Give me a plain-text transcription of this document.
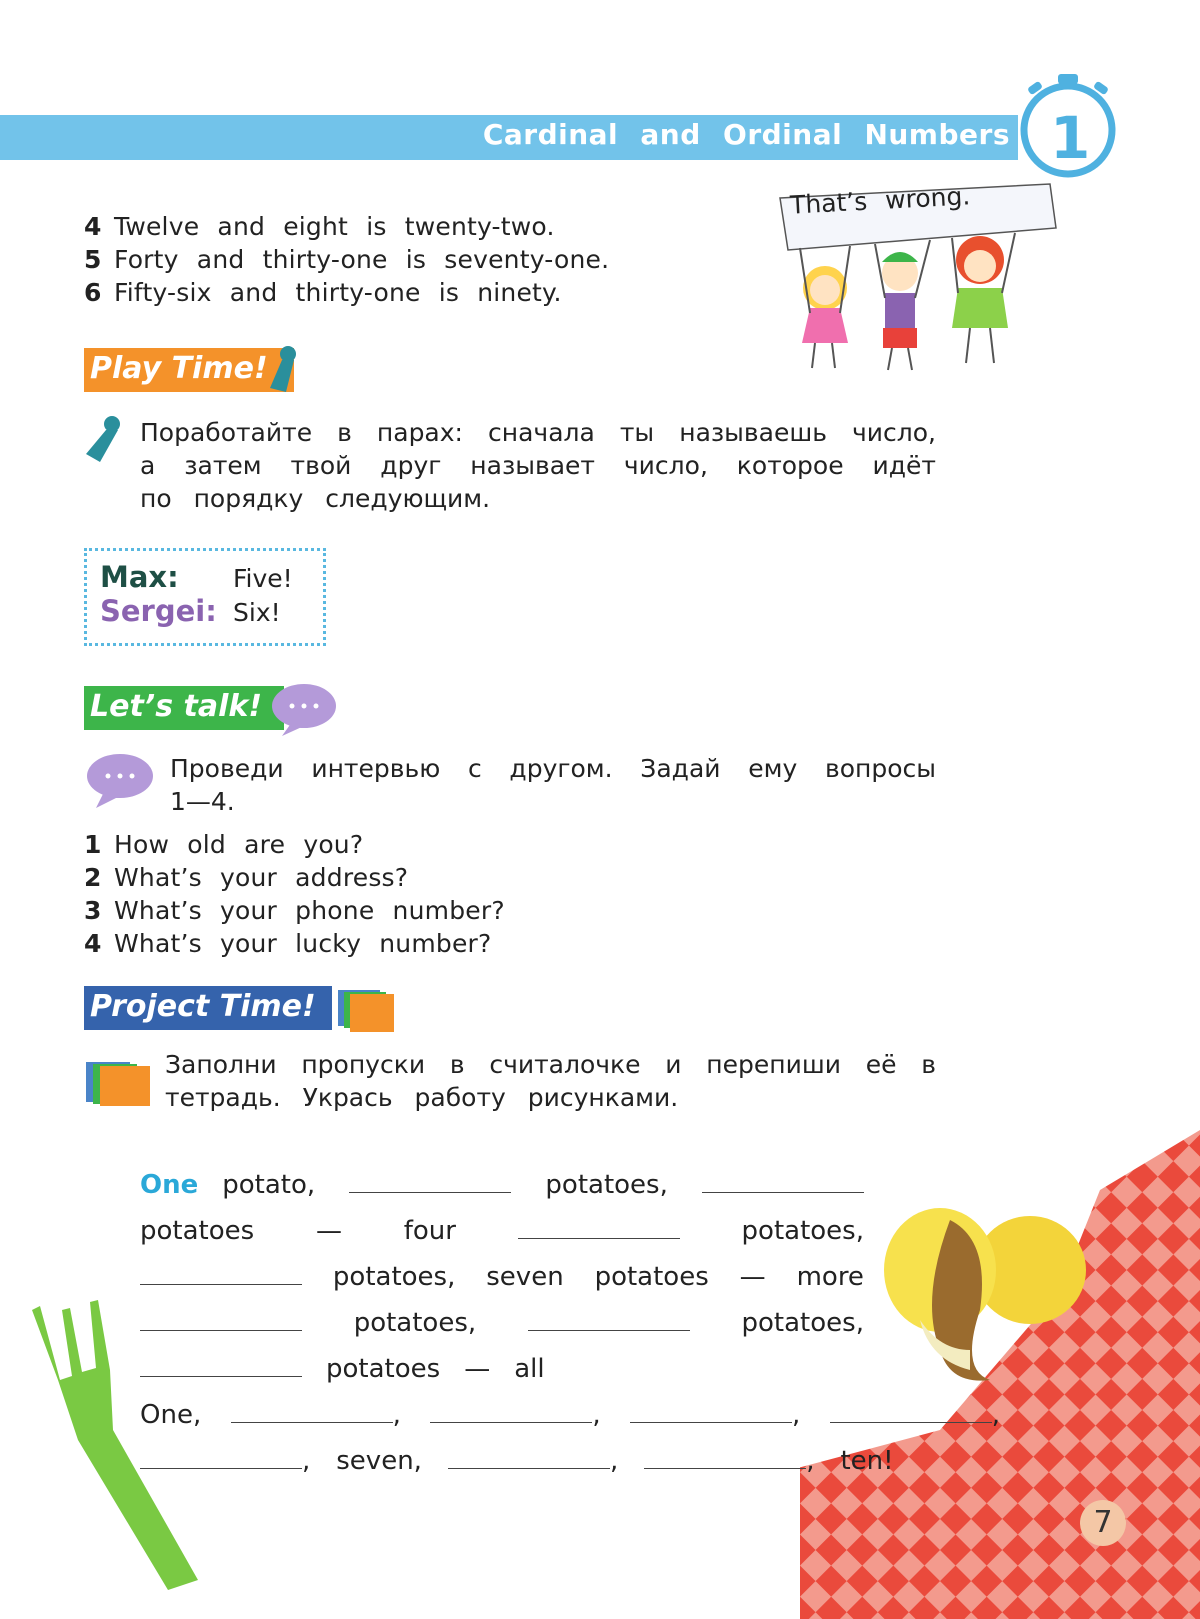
Cardinal and Ordinal Numbers 1
That’s wrong.
4 Twelve and eight is twenty-two.
5 Forty and thirty-one is seventy-one.
6 Fifty-six and thirty-one is ninety.
Play Time!
Поработайте в парах: сначала ты называешь число,
а затем твой друг называет число, которое идёт
по порядку следующим.
Max: Five!
Sergei: Six!
Let’s talk!
Проведи интервью с другом. Задай ему вопросы
1—4.
1 How old are you?
2 What’s your address?
3 What’s your phone number?
4 What’s your lucky number?
Project Time!
Заполни пропуски в считалочке и перепиши её в
тетрадь. Укрась работу рисунками.
One potato,	potatoes,
potatoes — four	potatoes,
potatoes, seven potatoes — more
potatoes,	potatoes,
potatoes — all
One,	,	,	,	,
, seven,	,	, ten!
7
